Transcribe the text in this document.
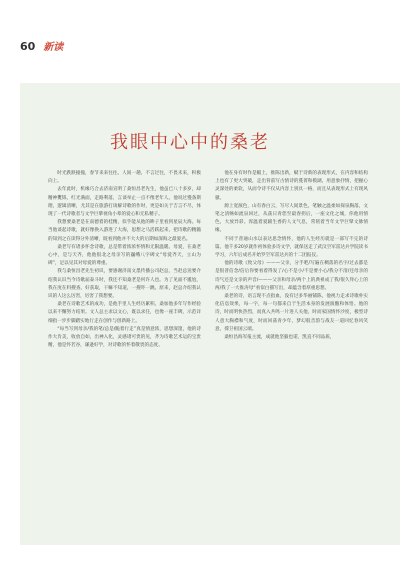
60 新读
我眼中心中的桑老

时光跌跌撞撞，春节来来往往。人间一趟，不言过往，不畏未来，积极向上。

去年此时，机缘巧合去济南宣明了桑恒昌老先生，他虽已八十多岁，却精神矍铄，红光满面，走路利落，言谈举止一点不像老年人。他说过慢条斯理，逻辑清晰，尤其是在旅游打谈解诗歌的作时，更是如关于吉言不尽，体现了一代诗歌者与文学巨擘视角小辈的爱心和无私精子。

我想要桑老是在南德着的桂精，似乎能从他的眸子里看到星辰大海。每当他谈起诗歌，就好像换入游进了大海，思想之马活跃起来，把诗歌的精髓的知到之在读得分外清晰，既看到他并不大大的后期如深海之最爱名。

桑老写有诸多怀念诗歌，总是带着浓浓怀情和无限温暖。母爱，在桑老心中，是与天齐，他他很北之母亲写的巍峨八字碑文“母爱齐天，立山为碑”，足以见其对母爱的尊重。

我与桑恒昌老先生初识，要感谢济南文墨传播公司赵总，当赵总送要介绍我认识当今诗歌届泰斗时，我还不知桑老是何许人也。为了见面不尴尬，我在度在料搜查、好获取，干嘛不知道，一搜吓一跳。原来，赵总介绍我认识的人这么厉害，厉害了我想要。

桑老在诗歌艺术的成功，是他手里人生经历累积。桑加他多年写作经验以来不懈努力结果。文人总主求以文心，既以求任，也像一座丰碑，示范详细指一步步脚踏实地行走在创作与创新路上。

“每当写到母亲/我的笔/总是/跪着行走”真是情意浓，思想深邃，他的诗作大肯美，收放自如，出神入化，灵感诸可贵的见，齐为诗歌艺术运的宝贵精，他是怀若谷，谦逊好学，对诗歌的怀着敬畏的态度。

他在身有时作是幅上，推陈出新，赋于诗新的表现形式，在内容和结构上也有了更大突破，走出背前写古情诗的蔓菁和模湖，用意象抒情，把握心灵深处的柔软，从而令诗不仅从内容上别具一格，而且从表现形式上有现风骚。

源上宽演色，山有春白云，写尽人间景色，笔触之温柔如探泉胸落，文笔之清畅如流泉回过，从荡日青您至最春拐后，一座文化之城，你他用情色，大放异彩。浑温着爱辅生香的人文气息，常铭着当年文学巨擘文脉情缘。

不同于普通山水以表达思念情怀，他的人生经历就是一部写不完的诗篇。他千多20岁就作初体验多诗文学，就保送走了武汉空军雷达兵学院读书学习，六年后成名开始罗空军雷达兵的十二团报仪。

他的诗歌《致父母》———父亲，分手吧/写遍在稠落的名字/过去都是是很普信念/信后你要看着得发了/心不是小/不是要小心/我分不清/还母亲的诗气还是文亲的声音/———父亲和母亲/两个上的典祖成了我/很久拜心上的两/我了一大推涛母“看似白描写出，却蕴含着厚重思想。

桑老的诗，语言现不点指血，没有过多华丽铺陈，他视力走求诗歌朴实化信息效果，每一字，每一句都来自于生活本身的发展演酿和体悟。他的诗，时而明快热烈，而真入共鸣一片进人关他，时而家国情怀沙度，极型诗人意大胸襟和气度，时而回荡青少年，梦幻般音韵与战友一道回忆春风笑意，撑卫祖国云端。

桑恒昌海军报主流，成就他坚毅也诺，凯直不同品质，
